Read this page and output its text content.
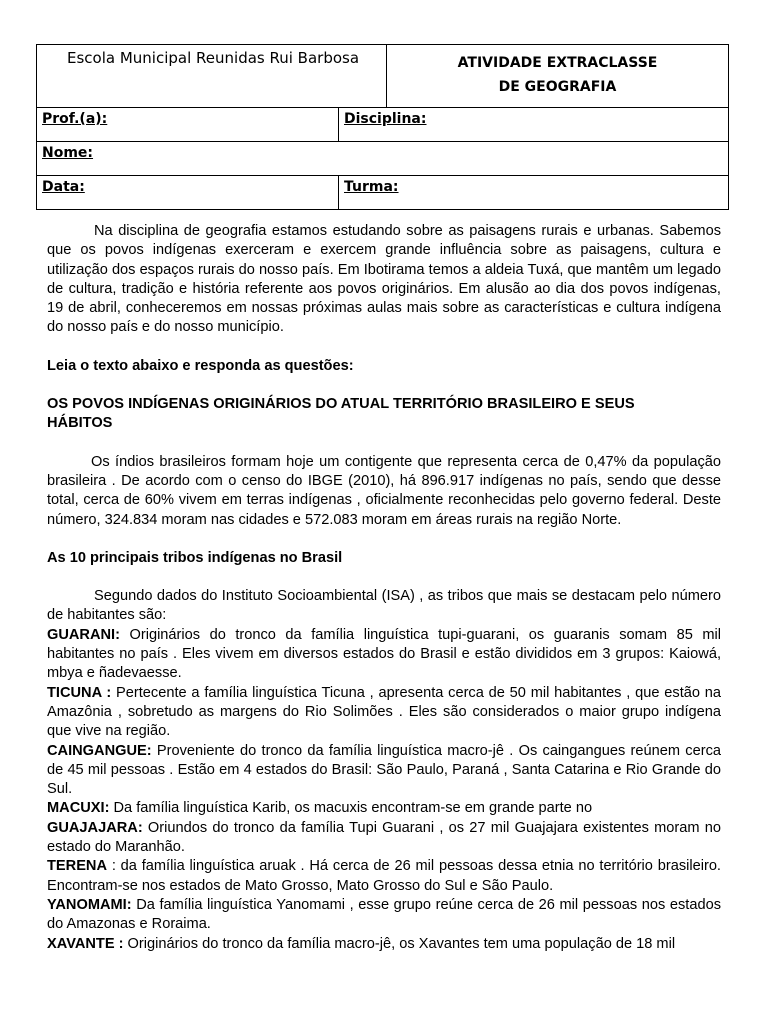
Escola Municipal Reunidas Rui Barbosa		ATIVIDADE EXTRACLASSE
DE GEOGRAFIA

Prof.(a):	Disciplina:	
Nome:		
Data:	Turma:	

Na disciplina de geografia estamos estudando sobre as paisagens rurais e urbanas. Sabemos que os povos indígenas exerceram e exercem grande influência sobre as paisagens, cultura e utilização dos espaços rurais do nosso país. Em Ibotirama temos a aldeia Tuxá, que mantêm um legado de cultura, tradição e história referente aos povos originários. Em alusão ao dia dos povos indígenas, 19 de abril, conheceremos em nossas próximas aulas mais sobre as características e cultura indígena do nosso país e do nosso município.

Leia o texto abaixo e responda as questões:

OS POVOS INDÍGENAS ORIGINÁRIOS DO ATUAL TERRITÓRIO BRASILEIRO E SEUS
HÁBITOS

Os índios brasileiros formam hoje um contigente que representa cerca de 0,47% da população brasileira . De acordo com o censo do IBGE (2010), há 896.917 indígenas no país, sendo que desse total, cerca de 60% vivem em terras indígenas , oficialmente reconhecidas pelo governo federal. Deste número, 324.834 moram nas cidades e 572.083 moram em áreas rurais na região Norte.

As 10 principais tribos indígenas no Brasil

Segundo dados do Instituto Socioambiental (ISA) , as tribos que mais se destacam pelo número de habitantes são:

GUARANI: Originários do tronco da família linguística tupi-guarani, os guaranis somam 85 mil habitantes no país . Eles vivem em diversos estados do Brasil e estão divididos em 3 grupos: Kaiowá, mbya e ñadevaesse.

TICUNA : Pertecente a família linguística Ticuna , apresenta cerca de 50 mil habitantes , que estão na Amazônia , sobretudo as margens do Rio Solimões . Eles são considerados o maior grupo indígena que vive na região.

CAINGANGUE: Proveniente do tronco da família linguística macro-jê . Os caingangues reúnem cerca de 45 mil pessoas . Estão em 4 estados do Brasil: São Paulo, Paraná , Santa Catarina e Rio Grande do Sul.

MACUXI: Da família linguística Karib, os macuxis encontram-se em grande parte no

GUAJAJARA: Oriundos do tronco da família Tupi Guarani , os 27 mil Guajajara existentes moram no estado do Maranhão.

TERENA : da família linguística aruak . Há cerca de 26 mil pessoas dessa etnia no território brasileiro. Encontram-se nos estados de Mato Grosso, Mato Grosso do Sul e São Paulo.

YANOMAMI: Da família linguística Yanomami , esse grupo reúne cerca de 26 mil pessoas nos estados do Amazonas e Roraima.

XAVANTE : Originários do tronco da família macro-jê, os Xavantes tem uma população de 18 mil
